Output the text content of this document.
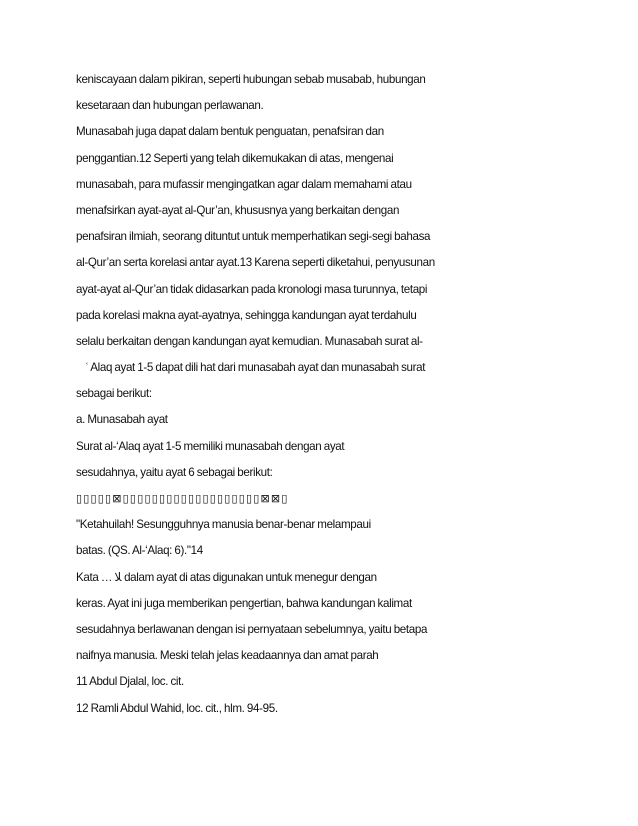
keniscayaan dalam pikiran, seperti hubungan sebab musabab, hubungan
kesetaraan dan hubungan perlawanan.
Munasabah juga dapat dalam bentuk penguatan, penafsiran dan
penggantian.12 Seperti yang telah dikemukakan di atas, mengenai
munasabah, para mufassir mengingatkan agar dalam memahami atau
menafsirkan ayat-ayat al-Qur’an, khususnya yang berkaitan dengan
penafsiran ilmiah, seorang dituntut untuk memperhatikan segi-segi bahasa
al-Qur’an serta korelasi antar ayat.13 Karena seperti diketahui, penyusunan
ayat-ayat al-Qur’an tidak didasarkan pada kronologi masa turunnya, tetapi
pada korelasi makna ayat-ayatnya, sehingga kandungan ayat terdahulu
selalu berkaitan dengan kandungan ayat kemudian. Munasabah surat al-
ʿ Alaq ayat 1-5 dapat dili hat dari munasabah ayat dan munasabah surat
sebagai berikut:
a. Munasabah ayat
Surat al-‘Alaq ayat 1-5 memiliki munasabah dengan ayat
sesudahnya, yaitu ayat 6 sebagai berikut:
▯▯▯▯▯⊠▯▯▯▯▯▯▯▯▯▯▯▯▯▯▯▯▯▯▯⊠⊠▯
"Ketahuilah! Sesungguhnya manusia benar-benar melampaui
batas. (QS. Al-‘Alaq: 6)."14
Kata … ﻼ dalam ayat di atas digunakan untuk menegur dengan
keras. Ayat ini juga memberikan pengertian, bahwa kandungan kalimat
sesudahnya berlawanan dengan isi pernyataan sebelumnya, yaitu betapa
naifnya manusia. Meski telah jelas keadaannya dan amat parah
11 Abdul Djalal, loc. cit.
12 Ramli Abdul Wahid, loc. cit., hlm. 94-95.
